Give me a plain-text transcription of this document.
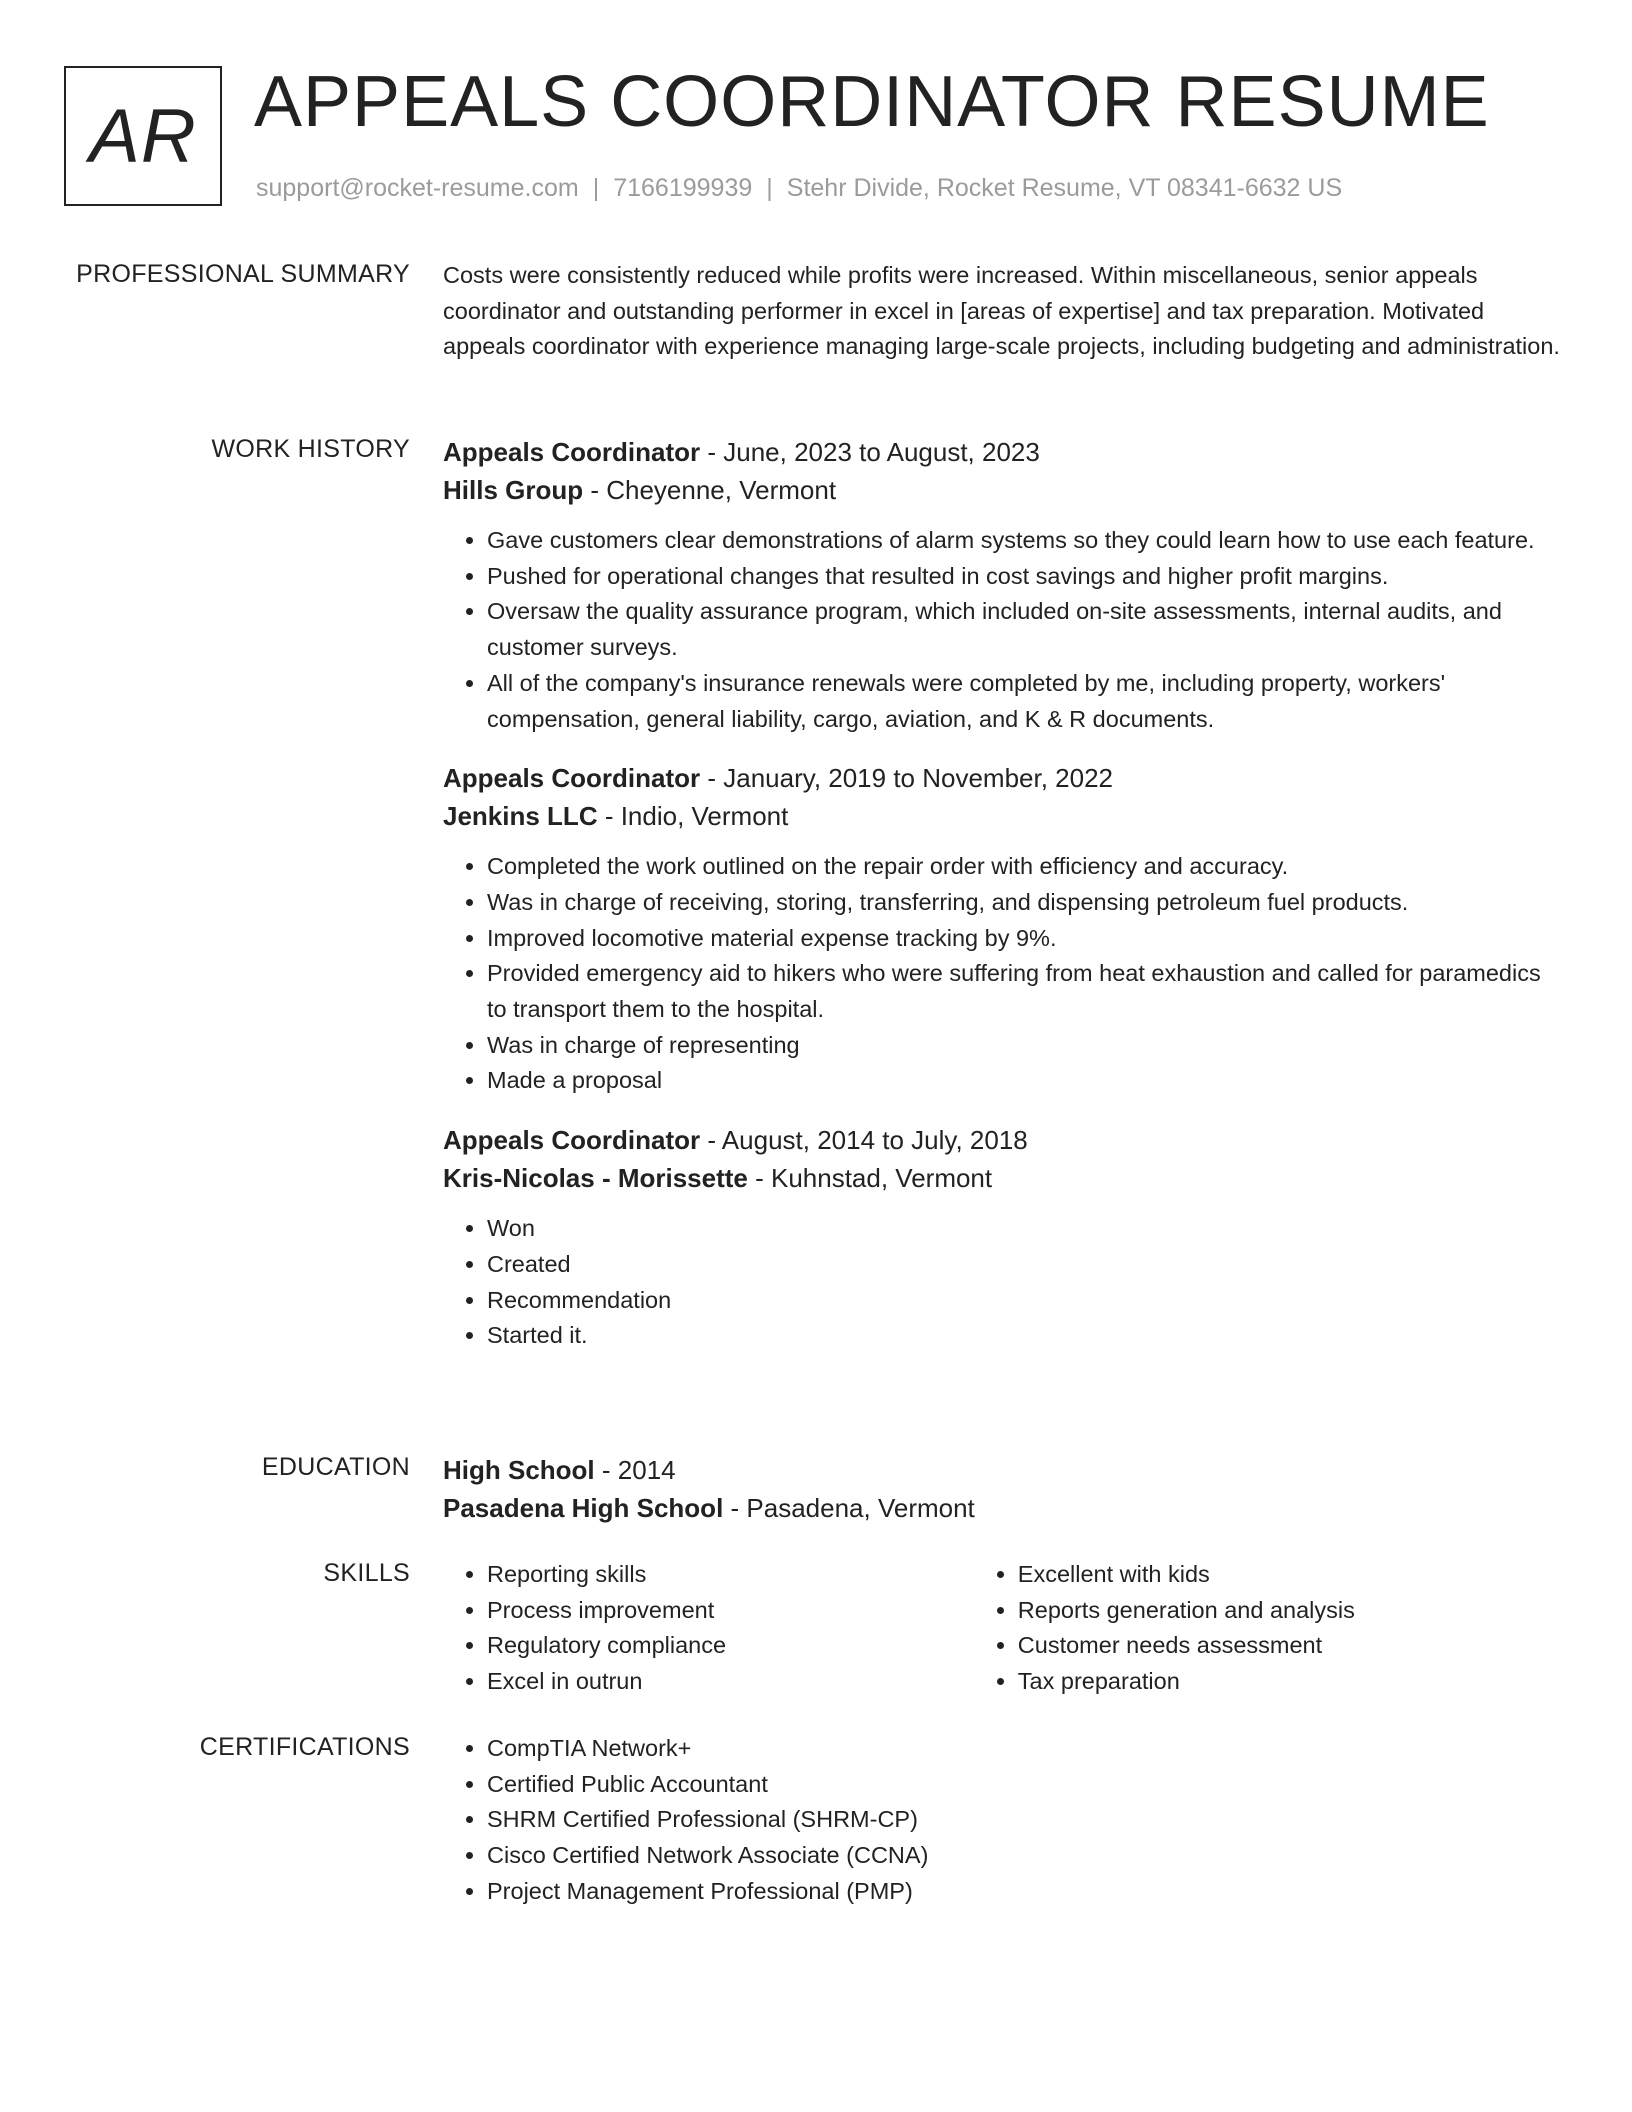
AR APPEALS COORDINATOR RESUME
support@rocket-resume.com | 7166199939 | Stehr Divide, Rocket Resume, VT 08341-6632 US
PROFESSIONAL SUMMARY Costs were consistently reduced while profits were increased. Within miscellaneous, senior appeals coordinator and outstanding performer in excel in [areas of expertise] and tax preparation. Motivated appeals coordinator with experience managing large-scale projects, including budgeting and administration.

WORK HISTORY Appeals Coordinator - June, 2023 to August, 2023
Hills Group - Cheyenne, Vermont
• Gave customers clear demonstrations of alarm systems so they could learn how to use each feature.
• Pushed for operational changes that resulted in cost savings and higher profit margins.
• Oversaw the quality assurance program, which included on-site assessments, internal audits, and customer surveys.
• All of the company's insurance renewals were completed by me, including property, workers' compensation, general liability, cargo, aviation, and K & R documents.
Appeals Coordinator - January, 2019 to November, 2022
Jenkins LLC - Indio, Vermont
• Completed the work outlined on the repair order with efficiency and accuracy.
• Was in charge of receiving, storing, transferring, and dispensing petroleum fuel products.
• Improved locomotive material expense tracking by 9%.
• Provided emergency aid to hikers who were suffering from heat exhaustion and called for paramedics to transport them to the hospital.
• Was in charge of representing
• Made a proposal
Appeals Coordinator - August, 2014 to July, 2018
Kris-Nicolas - Morissette - Kuhnstad, Vermont
• Won
• Created
• Recommendation
• Started it.
EDUCATION High School - 2014
Pasadena High School - Pasadena, Vermont
SKILLS	• Reporting skills
• Process improvement
• Regulatory compliance
• Excel in outrun
• Excellent with kids
• Reports generation and analysis
• Customer needs assessment
• Tax preparation
CERTIFICATIONS	• CompTIA Network+
• Certified Public Accountant
• SHRM Certified Professional (SHRM-CP)
• Cisco Certified Network Associate (CCNA)
• Project Management Professional (PMP)
